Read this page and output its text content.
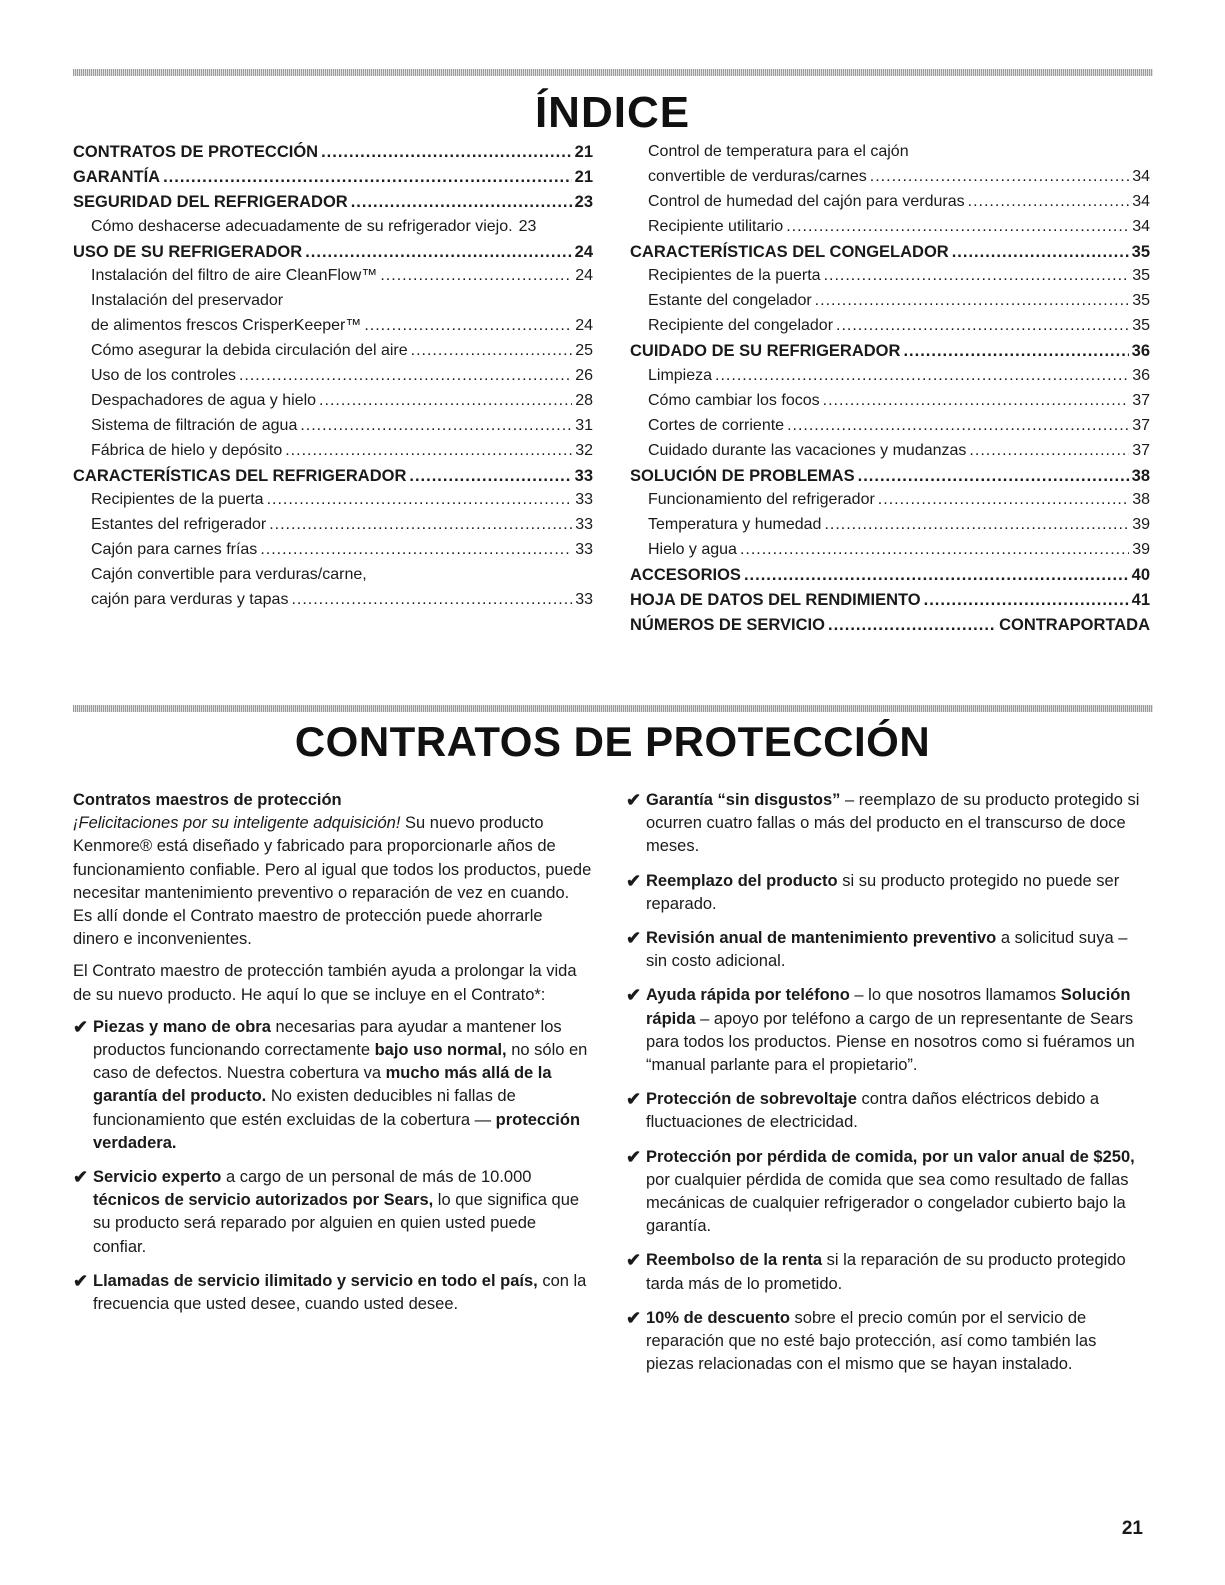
ÍNDICE
CONTRATOS DE PROTECCIÓN .....	21
GARANTÍA .....	21
SEGURIDAD DEL REFRIGERADOR .....	23
Cómo deshacerse adecuadamente de su refrigerador viejo. 23
USO DE SU REFRIGERADOR .....	24
Instalación del filtro de aire CleanFlow™ .....	24
Instalación del preservador
de alimentos frescos CrisperKeeper™ .....	24
Cómo asegurar la debida circulación del aire .....	25
Uso de los controles .....	26
Despachadores de agua y hielo .....	28
Sistema de filtración de agua .....	31
Fábrica de hielo y depósito .....	32
CARACTERÍSTICAS DEL REFRIGERADOR .....	33
Recipientes de la puerta .....	33
Estantes del refrigerador .....	33
Cajón para carnes frías .....	33
Cajón convertible para verduras/carne,
cajón para verduras y tapas .....	33
Control de temperatura para el cajón
convertible de verduras/carnes .....	34
Control de humedad del cajón para verduras .....	34
Recipiente utilitario .....	34
CARACTERÍSTICAS DEL CONGELADOR .....	35
Recipientes de la puerta .....	35
Estante del congelador .....	35
Recipiente del congelador .....	35
CUIDADO DE SU REFRIGERADOR .....	36
Limpieza .....	36
Cómo cambiar los focos .....	37
Cortes de corriente .....	37
Cuidado durante las vacaciones y mudanzas .....	37
SOLUCIÓN DE PROBLEMAS .....	38
Funcionamiento del refrigerador .....	38
Temperatura y humedad .....	39
Hielo y agua .....	39
ACCESORIOS .....	40
HOJA DE DATOS DEL RENDIMIENTO .....	41
NÚMEROS DE SERVICIO .....	CONTRAPORTADA
CONTRATOS DE PROTECCIÓN
Contratos maestros de protección

¡Felicitaciones por su inteligente adquisición! Su nuevo producto Kenmore® está diseñado y fabricado para proporcionarle años de funcionamiento confiable. Pero al igual que todos los productos, puede necesitar mantenimiento preventivo o reparación de vez en cuando. Es allí donde el Contrato maestro de protección puede ahorrarle dinero e inconvenientes.

El Contrato maestro de protección también ayuda a prolongar la vida de su nuevo producto. He aquí lo que se incluye en el Contrato*:

✔ Piezas y mano de obra necesarias para ayudar a mantener los productos funcionando correctamente bajo uso normal, no sólo en caso de defectos. Nuestra cobertura va mucho más allá de la garantía del producto. No existen deducibles ni fallas de funcionamiento que estén excluidas de la cobertura — protección verdadera.
✔ Servicio experto a cargo de un personal de más de 10.000 técnicos de servicio autorizados por Sears, lo que significa que su producto será reparado por alguien en quien usted puede confiar.
✔ Llamadas de servicio ilimitado y servicio en todo el país, con la frecuencia que usted desee, cuando usted desee.
✔ Garantía “sin disgustos” – reemplazo de su producto protegido si ocurren cuatro fallas o más del producto en el transcurso de doce meses.
✔ Reemplazo del producto si su producto protegido no puede ser reparado.
✔ Revisión anual de mantenimiento preventivo a solicitud suya – sin costo adicional.
✔ Ayuda rápida por teléfono – lo que nosotros llamamos Solución rápida – apoyo por teléfono a cargo de un representante de Sears para todos los productos. Piense en nosotros como si fuéramos un “manual parlante para el propietario”.
✔ Protección de sobrevoltaje contra daños eléctricos debido a fluctuaciones de electricidad.
✔ Protección por pérdida de comida, por un valor anual de $250, por cualquier pérdida de comida que sea como resultado de fallas mecánicas de cualquier refrigerador o congelador cubierto bajo la garantía.
✔ Reembolso de la renta si la reparación de su producto protegido tarda más de lo prometido.
✔ 10% de descuento sobre el precio común por el servicio de reparación que no esté bajo protección, así como también las piezas relacionadas con el mismo que se hayan instalado.
21
